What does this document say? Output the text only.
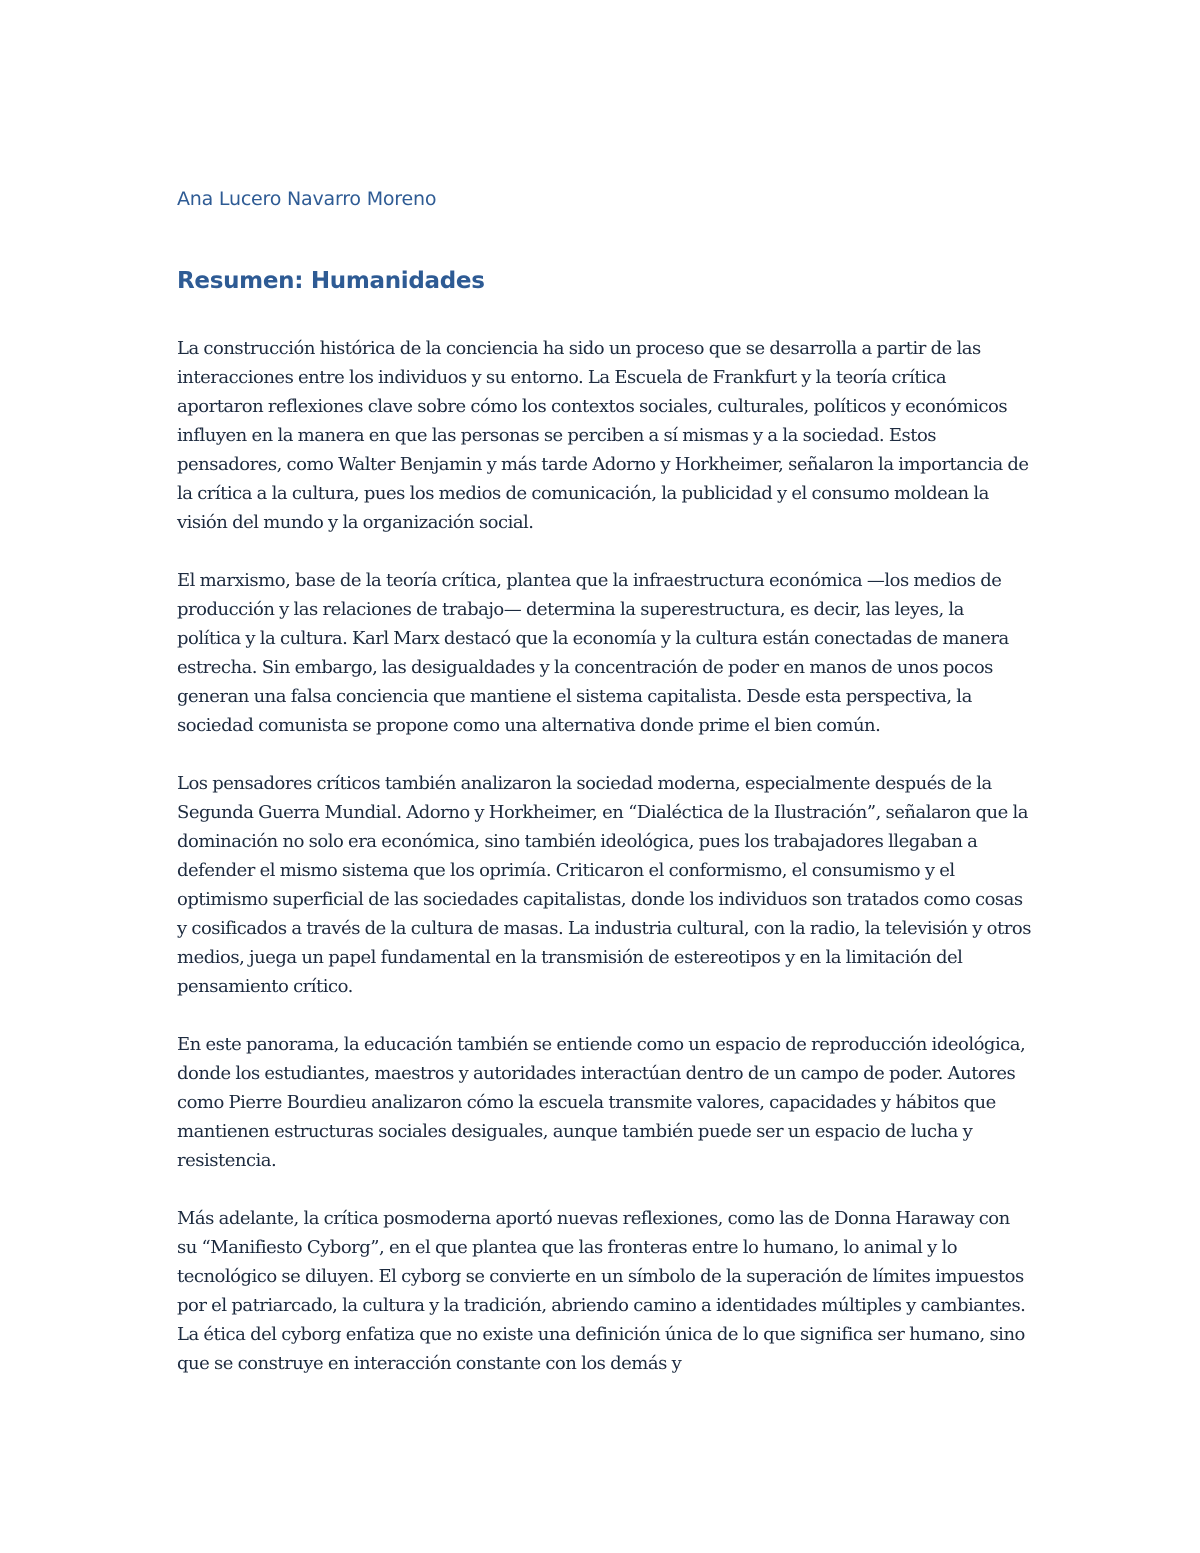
Ana Lucero Navarro Moreno
Resumen: Humanidades

La construcción histórica de la conciencia ha sido un proceso que se desarrolla a partir de las interacciones entre los individuos y su entorno. La Escuela de Frankfurt y la teoría crítica aportaron reflexiones clave sobre cómo los contextos sociales, culturales, políticos y económicos influyen en la manera en que las personas se perciben a sí mismas y a la sociedad. Estos pensadores, como Walter Benjamin y más tarde Adorno y Horkheimer, señalaron la importancia de la crítica a la cultura, pues los medios de comunicación, la publicidad y el consumo moldean la visión del mundo y la organización social.

El marxismo, base de la teoría crítica, plantea que la infraestructura económica —los medios de producción y las relaciones de trabajo— determina la superestructura, es decir, las leyes, la política y la cultura. Karl Marx destacó que la economía y la cultura están conectadas de manera estrecha. Sin embargo, las desigualdades y la concentración de poder en manos de unos pocos generan una falsa conciencia que mantiene el sistema capitalista. Desde esta perspectiva, la sociedad comunista se propone como una alternativa donde prime el bien común.

Los pensadores críticos también analizaron la sociedad moderna, especialmente después de la Segunda Guerra Mundial. Adorno y Horkheimer, en “Dialéctica de la Ilustración”, señalaron que la dominación no solo era económica, sino también ideológica, pues los trabajadores llegaban a defender el mismo sistema que los oprimía. Criticaron el conformismo, el consumismo y el optimismo superficial de las sociedades capitalistas, donde los individuos son tratados como cosas y cosificados a través de la cultura de masas. La industria cultural, con la radio, la televisión y otros medios, juega un papel fundamental en la transmisión de estereotipos y en la limitación del pensamiento crítico.

En este panorama, la educación también se entiende como un espacio de reproducción ideológica, donde los estudiantes, maestros y autoridades interactúan dentro de un campo de poder. Autores como Pierre Bourdieu analizaron cómo la escuela transmite valores, capacidades y hábitos que mantienen estructuras sociales desiguales, aunque también puede ser un espacio de lucha y resistencia.

Más adelante, la crítica posmoderna aportó nuevas reflexiones, como las de Donna Haraway con su “Manifiesto Cyborg”, en el que plantea que las fronteras entre lo humano, lo animal y lo tecnológico se diluyen. El cyborg se convierte en un símbolo de la superación de límites impuestos por el patriarcado, la cultura y la tradición, abriendo camino a identidades múltiples y cambiantes. La ética del cyborg enfatiza que no existe una definición única de lo que significa ser humano, sino que se construye en interacción constante con los demás y
